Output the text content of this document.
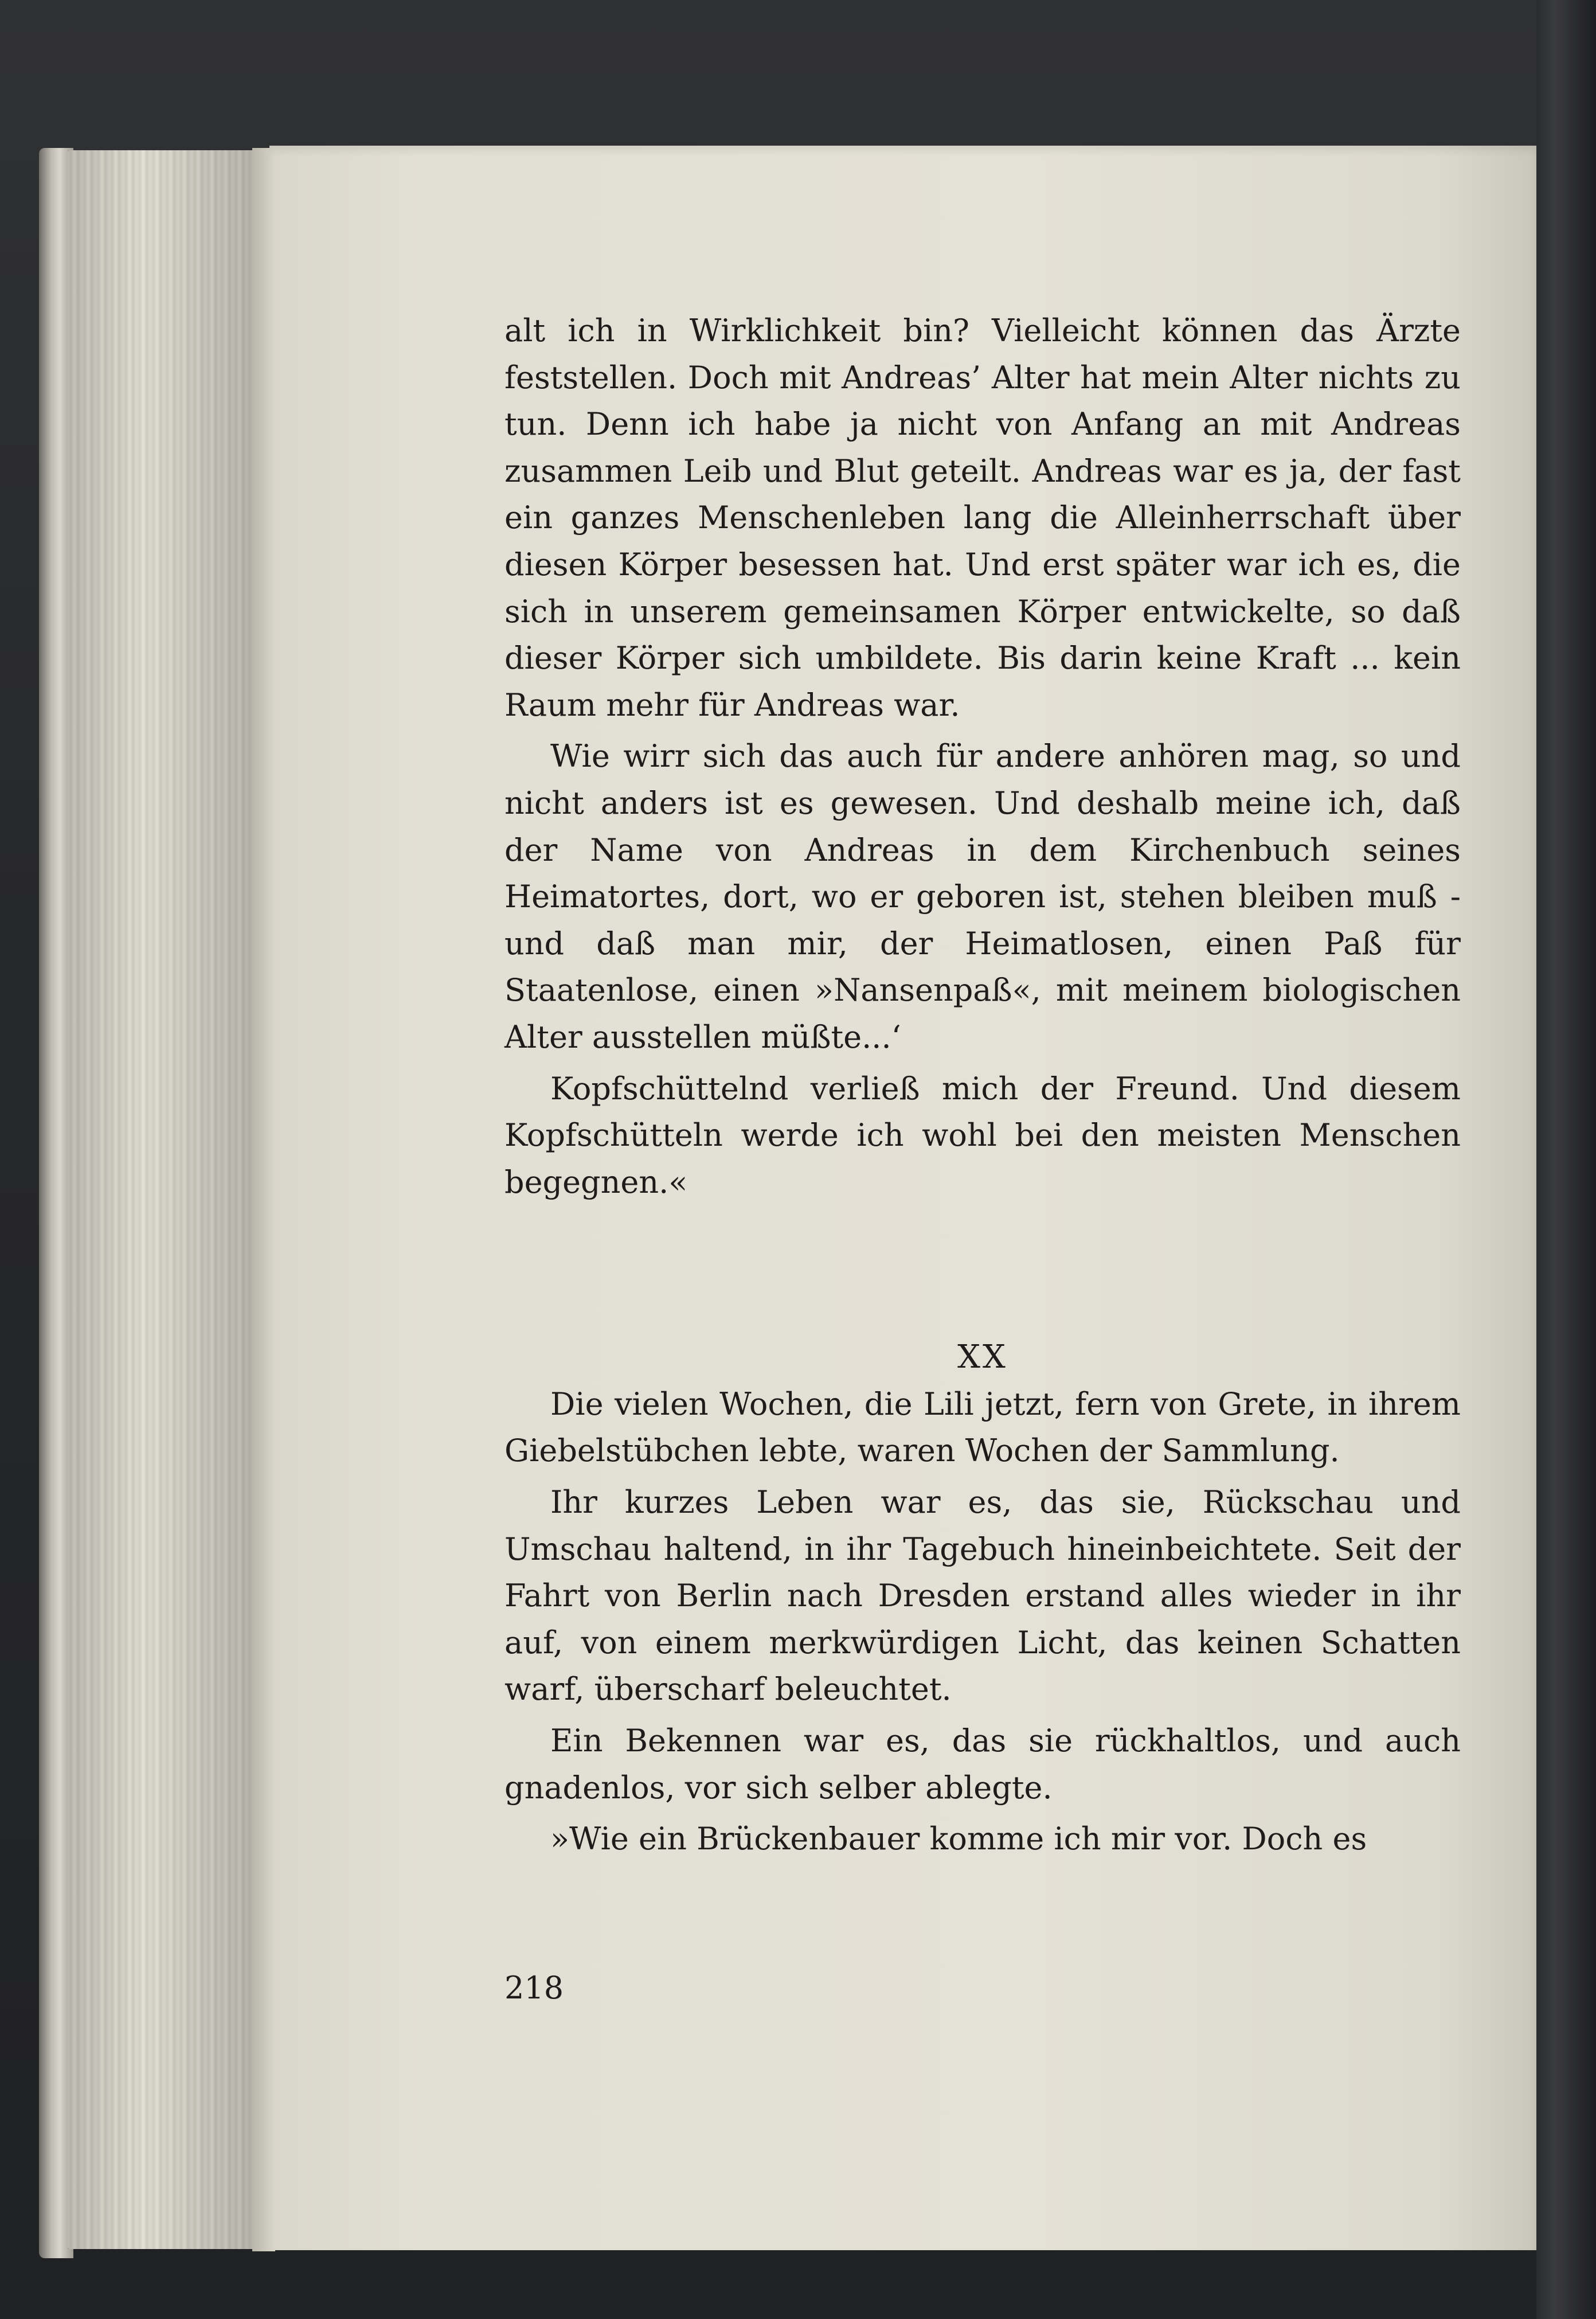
alt ich in Wirklichkeit bin? Vielleicht können das Ärzte feststellen. Doch mit Andreas’ Alter hat mein Alter nichts zu tun. Denn ich habe ja nicht von Anfang an mit Andreas zusammen Leib und Blut geteilt. Andreas war es ja, der fast ein ganzes Menschenleben lang die Alleinherrschaft über diesen Körper besessen hat. Und erst später war ich es, die sich in unserem gemeinsamen Körper entwickelte, so daß dieser Körper sich umbildete. Bis darin keine Kraft ... kein Raum mehr für Andreas war.

Wie wirr sich das auch für andere anhören mag, so und nicht anders ist es gewesen. Und deshalb meine ich, daß der Name von Andreas in dem Kirchenbuch seines Heimatortes, dort, wo er geboren ist, stehen bleiben muß - und daß man mir, der Heimatlosen, einen Paß für Staatenlose, einen »Nansenpaß«, mit meinem biologischen Alter ausstellen müßte...‘

Kopfschüttelnd verließ mich der Freund. Und diesem Kopfschütteln werde ich wohl bei den meisten Menschen begegnen.«

XX

Die vielen Wochen, die Lili jetzt, fern von Grete, in ihrem Giebelstübchen lebte, waren Wochen der Sammlung.

Ihr kurzes Leben war es, das sie, Rückschau und Umschau haltend, in ihr Tagebuch hineinbeichtete. Seit der Fahrt von Berlin nach Dresden erstand alles wieder in ihr auf, von einem merkwürdigen Licht, das keinen Schatten warf, überscharf beleuchtet.

Ein Bekennen war es, das sie rückhaltlos, und auch gnadenlos, vor sich selber ablegte.

»Wie ein Brückenbauer komme ich mir vor. Doch es

218
